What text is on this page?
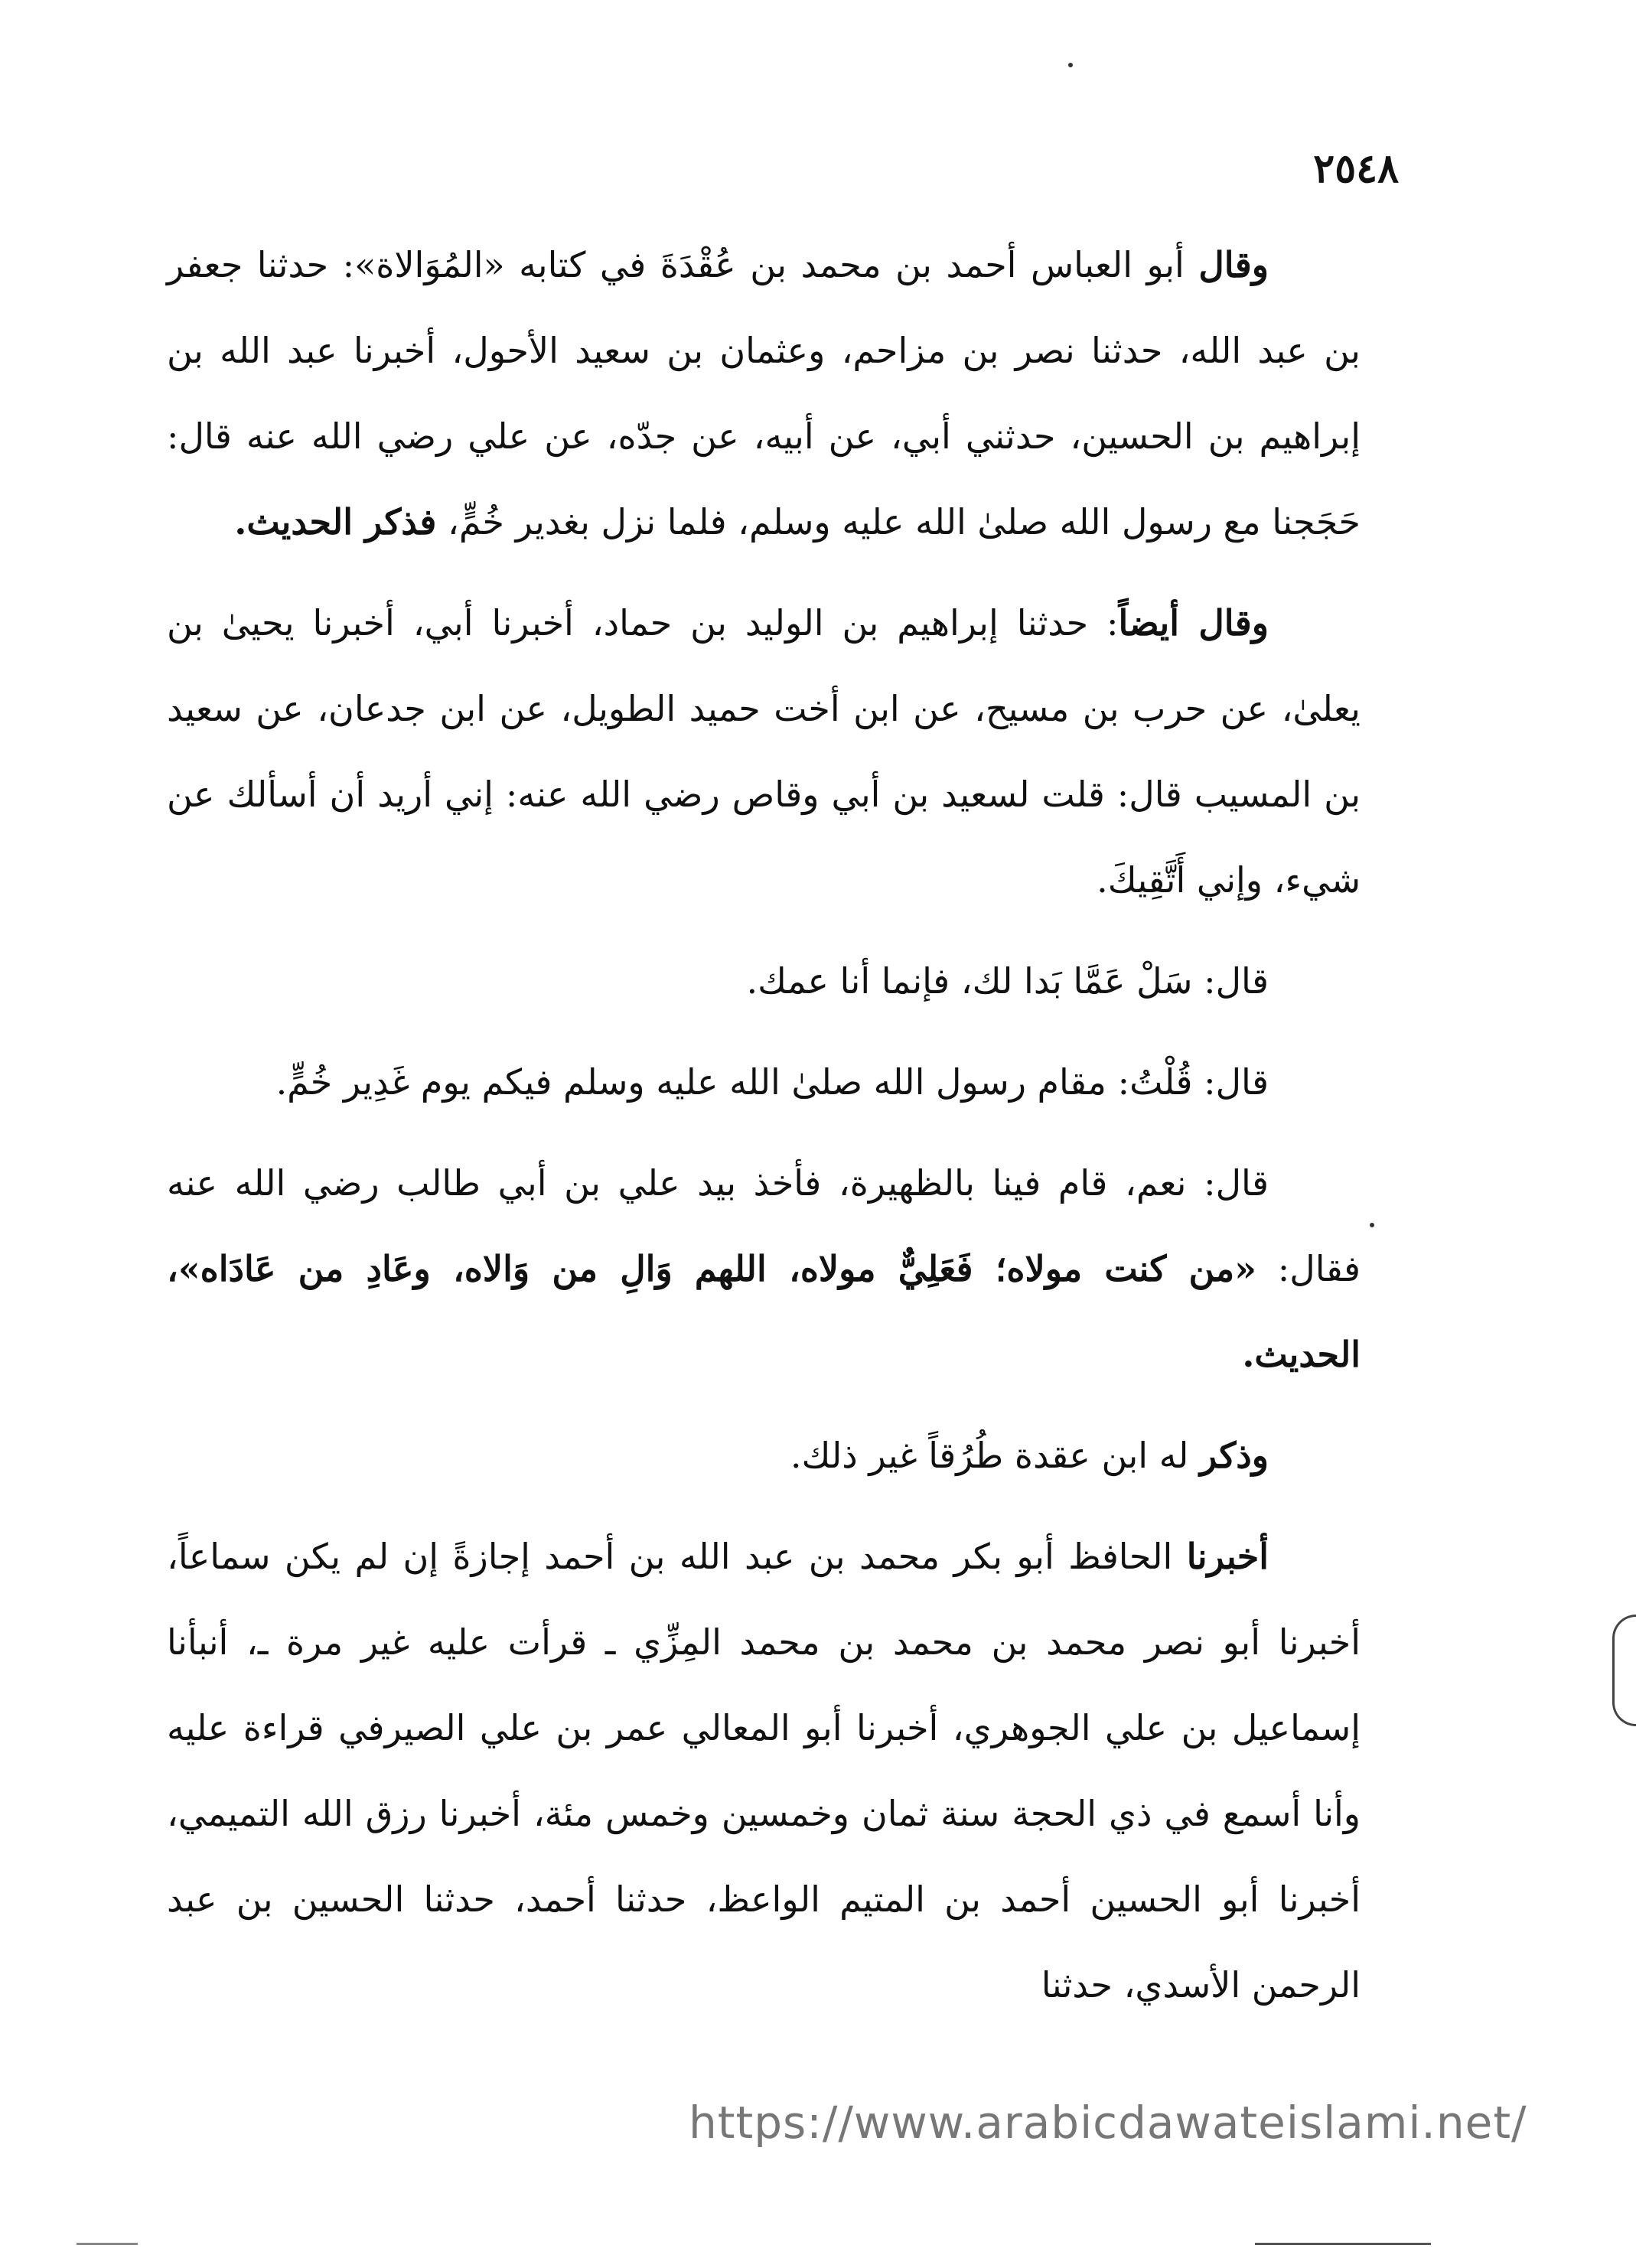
٢٥٤٨

وقال أبو العباس أحمد بن محمد بن عُقْدَةَ في كتابه «المُوَالاة»: حدثنا جعفر بن عبد الله، حدثنا نصر بن مزاحم، وعثمان بن سعيد الأحول، أخبرنا عبد الله بن إبراهيم بن الحسين، حدثني أبي، عن أبيه، عن جدّه، عن علي رضي الله عنه قال: حَجَجنا مع رسول الله صلىٰ الله عليه وسلم، فلما نزل بغدير خُمٍّ، فذكر الحديث.

وقال أيضاً: حدثنا إبراهيم بن الوليد بن حماد، أخبرنا أبي، أخبرنا يحيىٰ بن يعلىٰ، عن حرب بن مسيح، عن ابن أخت حميد الطويل، عن ابن جدعان، عن سعيد بن المسيب قال: قلت لسعيد بن أبي وقاص رضي الله عنه: إني أريد أن أسألك عن شيء، وإني أَتَّقِيكَ.

قال: سَلْ عَمَّا بَدا لك، فإنما أنا عمك.

قال: قُلْتُ: مقام رسول الله صلىٰ الله عليه وسلم فيكم يوم غَدِير خُمٍّ.

قال: نعم، قام فينا بالظهيرة، فأخذ بيد علي بن أبي طالب رضي الله عنه فقال: «من كنت مولاه؛ فَعَلِيٌّ مولاه، اللهم وَالِ من وَالاه، وعَادِ من عَادَاه»، الحديث.

وذكر له ابن عقدة طُرُقاً غير ذلك.

أخبرنا الحافظ أبو بكر محمد بن عبد الله بن أحمد إجازةً إن لم يكن سماعاً، أخبرنا أبو نصر محمد بن محمد بن محمد المِزِّي ـ قرأت عليه غير مرة ـ، أنبأنا إسماعيل بن علي الجوهري، أخبرنا أبو المعالي عمر بن علي الصيرفي قراءة عليه وأنا أسمع في ذي الحجة سنة ثمان وخمسين وخمس مئة، أخبرنا رزق الله التميمي، أخبرنا أبو الحسين أحمد بن المتيم الواعظ، حدثنا أحمد، حدثنا الحسين بن عبد الرحمن الأسدي، حدثنا

https://www.arabicdawateislami.net/
